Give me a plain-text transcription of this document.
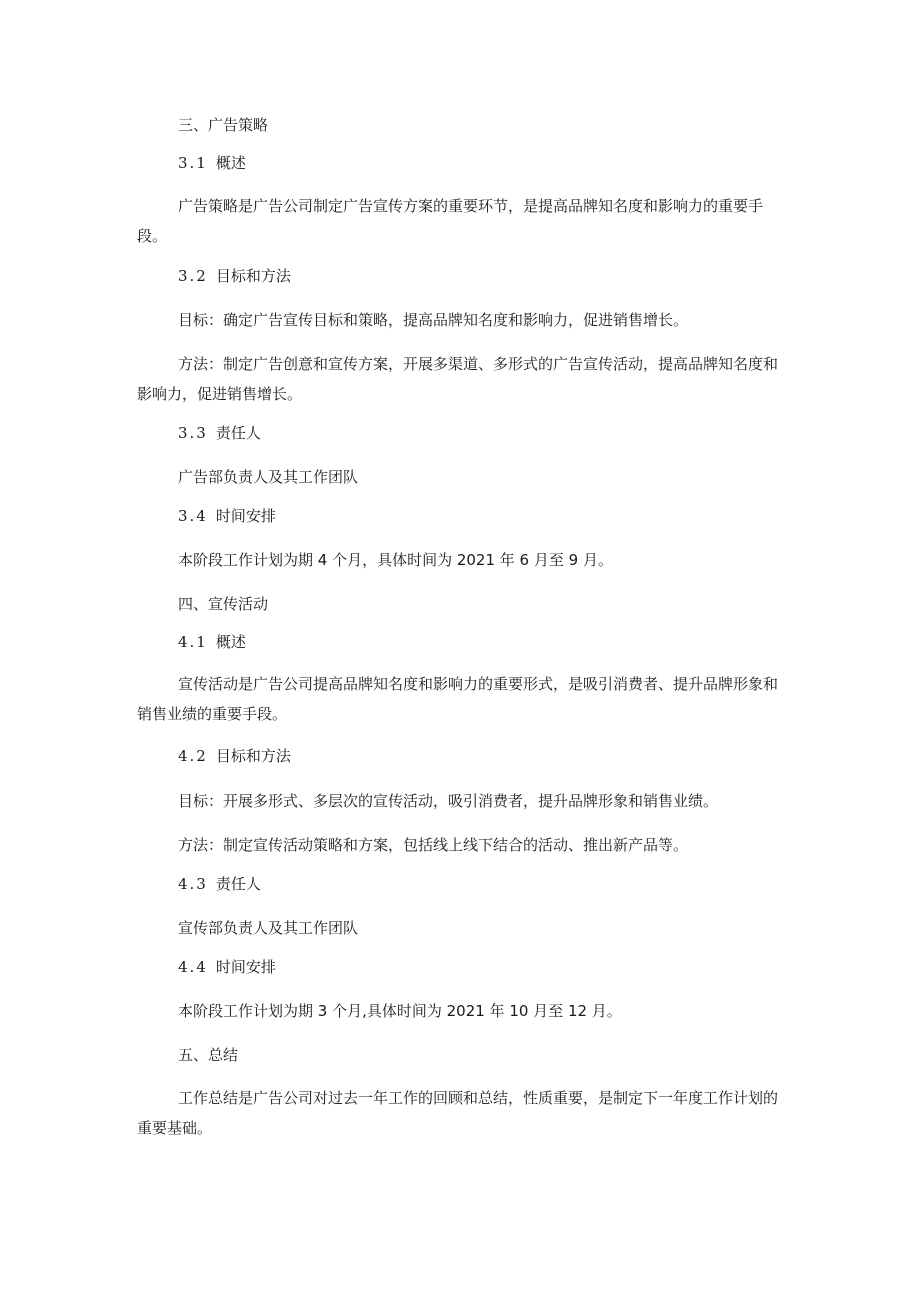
三、广告策略

3.1 概述

广告策略是广告公司制定广告宣传方案的重要环节，是提高品牌知名度和影响力的重要手段。

3.2 目标和方法

目标：确定广告宣传目标和策略，提高品牌知名度和影响力，促进销售增长。

方法：制定广告创意和宣传方案，开展多渠道、多形式的广告宣传活动，提高品牌知名度和影响力，促进销售增长。

3.3 责任人

广告部负责人及其工作团队

3.4 时间安排

本阶段工作计划为期 4 个月，具体时间为 2021 年 6 月至 9 月。

四、宣传活动

4.1 概述

宣传活动是广告公司提高品牌知名度和影响力的重要形式，是吸引消费者、提升品牌形象和销售业绩的重要手段。

4.2 目标和方法

目标：开展多形式、多层次的宣传活动，吸引消费者，提升品牌形象和销售业绩。

方法：制定宣传活动策略和方案，包括线上线下结合的活动、推出新产品等。

4.3 责任人

宣传部负责人及其工作团队

4.4 时间安排

本阶段工作计划为期 3 个月,具体时间为 2021 年 10 月至 12 月。

五、总结

工作总结是广告公司对过去一年工作的回顾和总结，性质重要，是制定下一年度工作计划的重要基础。
